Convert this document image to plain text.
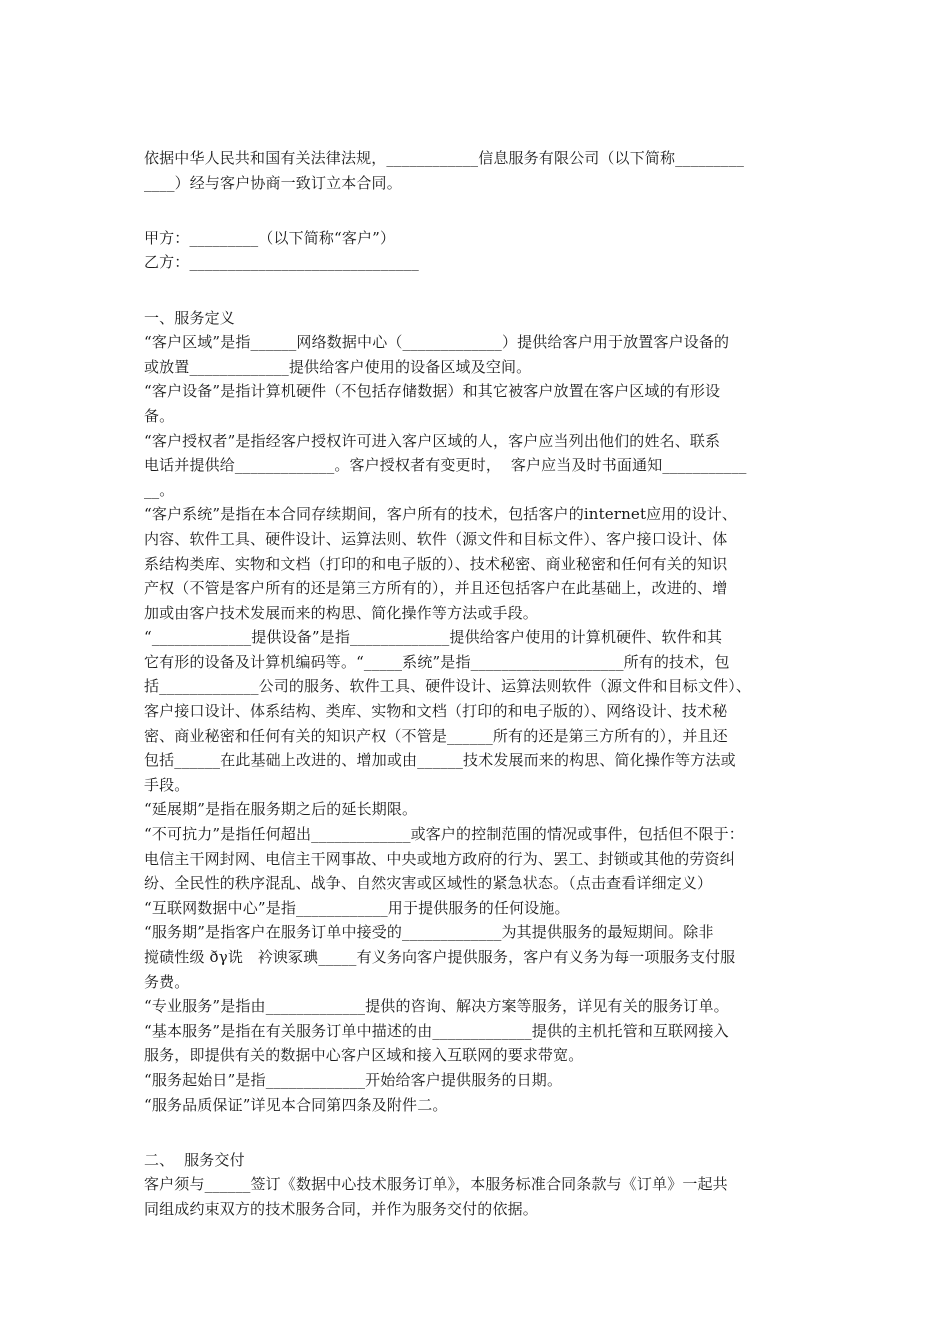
依据中华人民共和国有关法律法规，____________信息服务有限公司（以下简称_________
____）经与客户协商一致订立本合同。
甲方：_________（以下简称“客户”）
乙方：______________________________
一、服务定义
“客户区域”是指______网络数据中心（_____________）提供给客户用于放置客户设备的
或放置_____________提供给客户使用的设备区域及空间。
“客户设备”是指计算机硬件（不包括存储数据）和其它被客户放置在客户区域的有形设
备。
“客户授权者”是指经客户授权许可进入客户区域的人，客户应当列出他们的姓名、联系
电话并提供给_____________。客户授权者有变更时，  客户应当及时书面通知___________
__。
“客户系统”是指在本合同存续期间，客户所有的技术，包括客户的internet应用的设计、
内容、软件工具、硬件设计、运算法则、软件（源文件和目标文件）、客户接口设计、体
系结构类库、实物和文档（打印的和电子版的）、技术秘密、商业秘密和任何有关的知识
产权（不管是客户所有的还是第三方所有的），并且还包括客户在此基础上，改进的、增
加或由客户技术发展而来的构思、简化操作等方法或手段。
“_____________提供设备”是指_____________提供给客户使用的计算机硬件、软件和其
它有形的设备及计算机编码等。“_____系统”是指____________________所有的技术，包
括_____________公司的服务、软件工具、硬件设计、运算法则软件（源文件和目标文件）、
客户接口设计、体系结构、类库、实物和文档（打印的和电子版的）、网络设计、技术秘
密、商业秘密和任何有关的知识产权（不管是______所有的还是第三方所有的），并且还
包括______在此基础上改进的、增加或由______技术发展而来的构思、简化操作等方法或
手段。
“延展期”是指在服务期之后的延长期限。
“不可抗力”是指任何超出_____________或客户的控制范围的情况或事件，包括但不限于：
电信主干网封网、电信主干网事故、中央或地方政府的行为、罢工、封锁或其他的劳资纠
纷、全民性的秩序混乱、战争、自然灾害或区域性的紧急状态。（点击查看详细定义）
“互联网数据中心”是指____________用于提供服务的任何设施。
“服务期”是指客户在服务订单中接受的_____________为其提供服务的最短期间。除非
搅碛性级 ðγ诜   衿谀冢琠_____有义务向客户提供服务，客户有义务为每一项服务支付服
务费。
“专业服务”是指由_____________提供的咨询、解决方案等服务，详见有关的服务订单。
“基本服务”是指在有关服务订单中描述的由_____________提供的主机托管和互联网接入
服务，即提供有关的数据中心客户区域和接入互联网的要求带宽。
“服务起始日”是指_____________开始给客户提供服务的日期。
“服务品质保证”详见本合同第四条及附件二。
二、  服务交付
客户须与______签订《数据中心技术服务订单》，本服务标准合同条款与《订单》一起共
同组成约束双方的技术服务合同，并作为服务交付的依据。
